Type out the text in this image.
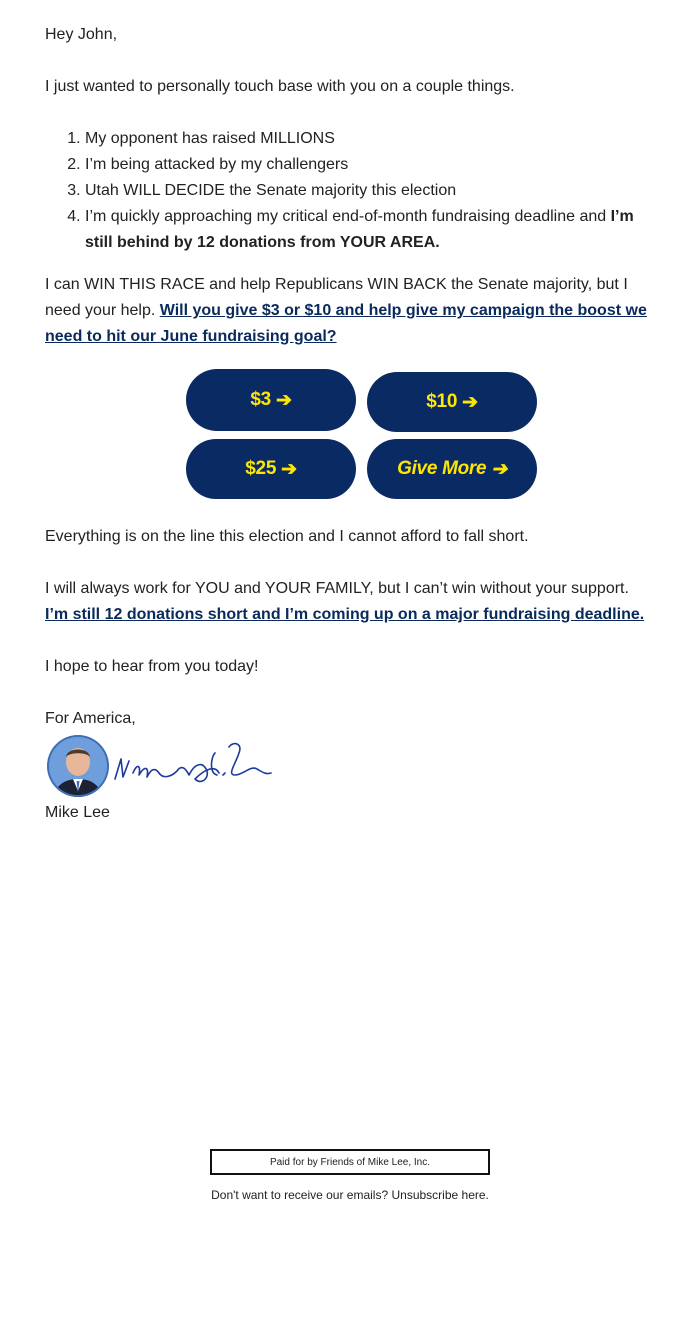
Hey John,

I just wanted to personally touch base with you on a couple things.

1. My opponent has raised MILLIONS
2. I’m being attacked by my challengers
3. Utah WILL DECIDE the Senate majority this election
4. I’m quickly approaching my critical end-of-month fundraising deadline and I’m still behind by 12 donations from YOUR AREA.

I can WIN THIS RACE and help Republicans WIN BACK the Senate majority, but I need your help. Will you give $3 or $10 and help give my campaign the boost we need to hit our June fundraising goal?

$3 ➔	$10 ➔
$25 ➔	Give More ➔

Everything is on the line this election and I cannot afford to fall short.

I will always work for YOU and YOUR FAMILY, but I can’t win without your support.
I’m still 12 donations short and I’m coming up on a major fundraising deadline.

I hope to hear from you today!

For America,
Mike Lee
Paid for by Friends of Mike Lee, Inc.
Don't want to receive our emails? Unsubscribe here.
